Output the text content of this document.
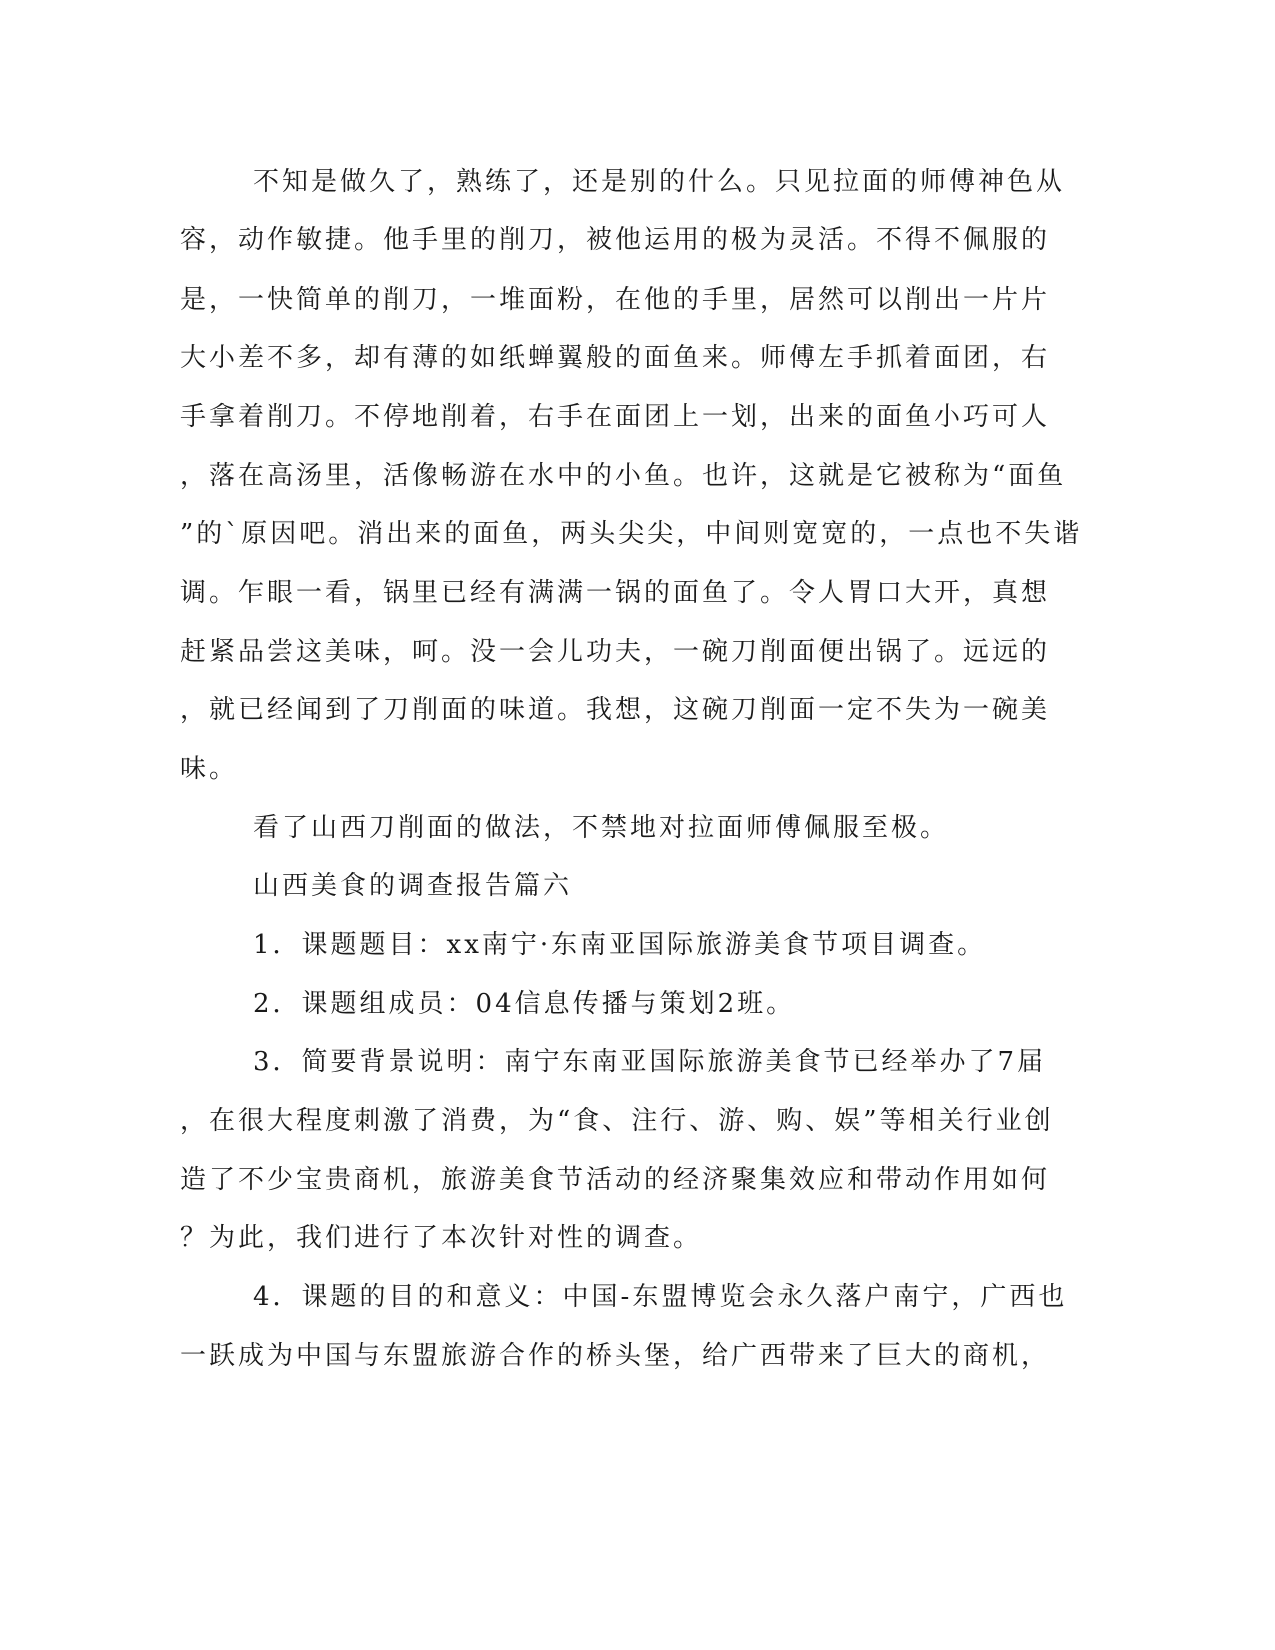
不知是做久了，熟练了，还是别的什么。只见拉面的师傅神色从
容，动作敏捷。他手里的削刀，被他运用的极为灵活。不得不佩服的
是，一快简单的削刀，一堆面粉，在他的手里，居然可以削出一片片
大小差不多，却有薄的如纸蝉翼般的面鱼来。师傅左手抓着面团，右
手拿着削刀。不停地削着，右手在面团上一划，出来的面鱼小巧可人
，落在高汤里，活像畅游在水中的小鱼。也许，这就是它被称为“面鱼
”的`原因吧。消出来的面鱼，两头尖尖，中间则宽宽的，一点也不失谐
调。乍眼一看，锅里已经有满满一锅的面鱼了。令人胃口大开，真想
赶紧品尝这美味，呵。没一会儿功夫，一碗刀削面便出锅了。远远的
，就已经闻到了刀削面的味道。我想，这碗刀削面一定不失为一碗美
味。
看了山西刀削面的做法，不禁地对拉面师傅佩服至极。
山西美食的调查报告篇六
1．课题题目：xx南宁·东南亚国际旅游美食节项目调查。
2．课题组成员：04信息传播与策划2班。
3．简要背景说明：南宁东南亚国际旅游美食节已经举办了7届
，在很大程度刺激了消费，为“食、注行、游、购、娱”等相关行业创
造了不少宝贵商机，旅游美食节活动的经济聚集效应和带动作用如何
？为此，我们进行了本次针对性的调查。
4．课题的目的和意义：中国-东盟博览会永久落户南宁，广西也
一跃成为中国与东盟旅游合作的桥头堡，给广西带来了巨大的商机，
